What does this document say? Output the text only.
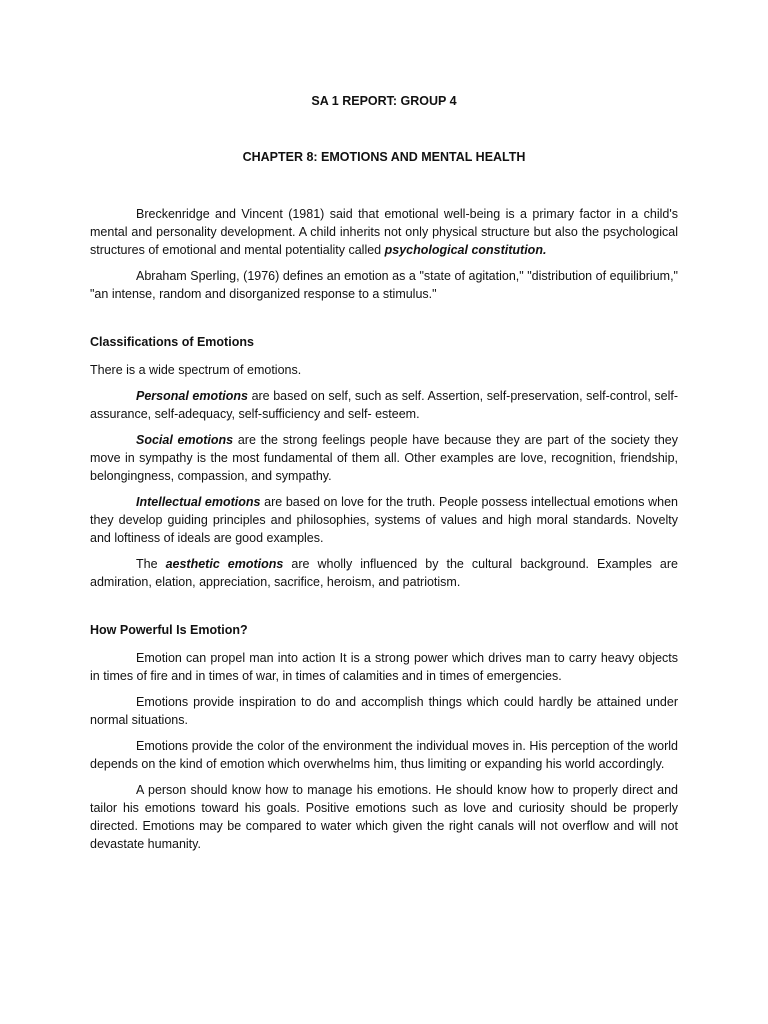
SA 1 REPORT: GROUP 4
CHAPTER 8: EMOTIONS AND MENTAL HEALTH

Breckenridge and Vincent (1981) said that emotional well-being is a primary factor in a child's mental and personality development. A child inherits not only physical structure but also the psychological structures of emotional and mental potentiality called psychological constitution.

Abraham Sperling, (1976) defines an emotion as a "state of agitation," "distribution of equilibrium," "an intense, random and disorganized response to a stimulus."

Classifications of Emotions

There is a wide spectrum of emotions.

Personal emotions are based on self, such as self. Assertion, self-preservation, self-control, self-assurance, self-adequacy, self-sufficiency and self- esteem.

Social emotions are the strong feelings people have because they are part of the society they move in sympathy is the most fundamental of them all. Other examples are love, recognition, friendship, belongingness, compassion, and sympathy.

Intellectual emotions are based on love for the truth. People possess intellectual emotions when they develop guiding principles and philosophies, systems of values and high moral standards. Novelty and loftiness of ideals are good examples.

The aesthetic emotions are wholly influenced by the cultural background. Examples are admiration, elation, appreciation, sacrifice, heroism, and patriotism.

How Powerful Is Emotion?

Emotion can propel man into action It is a strong power which drives man to carry heavy objects in times of fire and in times of war, in times of calamities and in times of emergencies.

Emotions provide inspiration to do and accomplish things which could hardly be attained under normal situations.

Emotions provide the color of the environment the individual moves in. His perception of the world depends on the kind of emotion which overwhelms him, thus limiting or expanding his world accordingly.

A person should know how to manage his emotions. He should know how to properly direct and tailor his emotions toward his goals. Positive emotions such as love and curiosity should be properly directed. Emotions may be compared to water which given the right canals will not overflow and will not devastate humanity.
